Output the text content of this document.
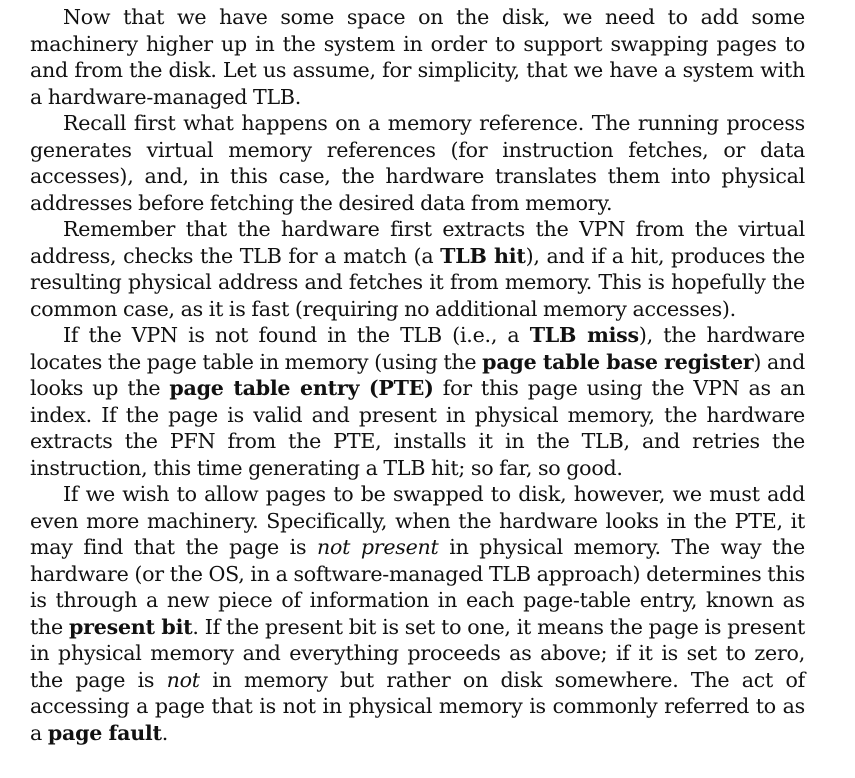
Now that we have some space on the disk, we need to add some machinery higher up in the system in order to support swapping pages to and from the disk. Let us assume, for simplicity, that we have a system with a hardware-managed TLB.

Recall first what happens on a memory reference. The running process generates virtual memory references (for instruction fetches, or data accesses), and, in this case, the hardware translates them into physical addresses before fetching the desired data from memory.

Remember that the hardware first extracts the VPN from the virtual address, checks the TLB for a match (a TLB hit), and if a hit, produces the resulting physical address and fetches it from memory. This is hopefully the common case, as it is fast (requiring no additional memory accesses).

If the VPN is not found in the TLB (i.e., a TLB miss), the hardware locates the page table in memory (using the page table base register) and looks up the page table entry (PTE) for this page using the VPN as an index. If the page is valid and present in physical memory, the hardware extracts the PFN from the PTE, installs it in the TLB, and retries the instruction, this time generating a TLB hit; so far, so good.

If we wish to allow pages to be swapped to disk, however, we must add even more machinery. Specifically, when the hardware looks in the PTE, it may find that the page is not present in physical memory. The way the hardware (or the OS, in a software-managed TLB approach) determines this is through a new piece of information in each page-table entry, known as the present bit. If the present bit is set to one, it means the page is present in physical memory and everything proceeds as above; if it is set to zero, the page is not in memory but rather on disk somewhere. The act of accessing a page that is not in physical memory is commonly referred to as a page fault.
